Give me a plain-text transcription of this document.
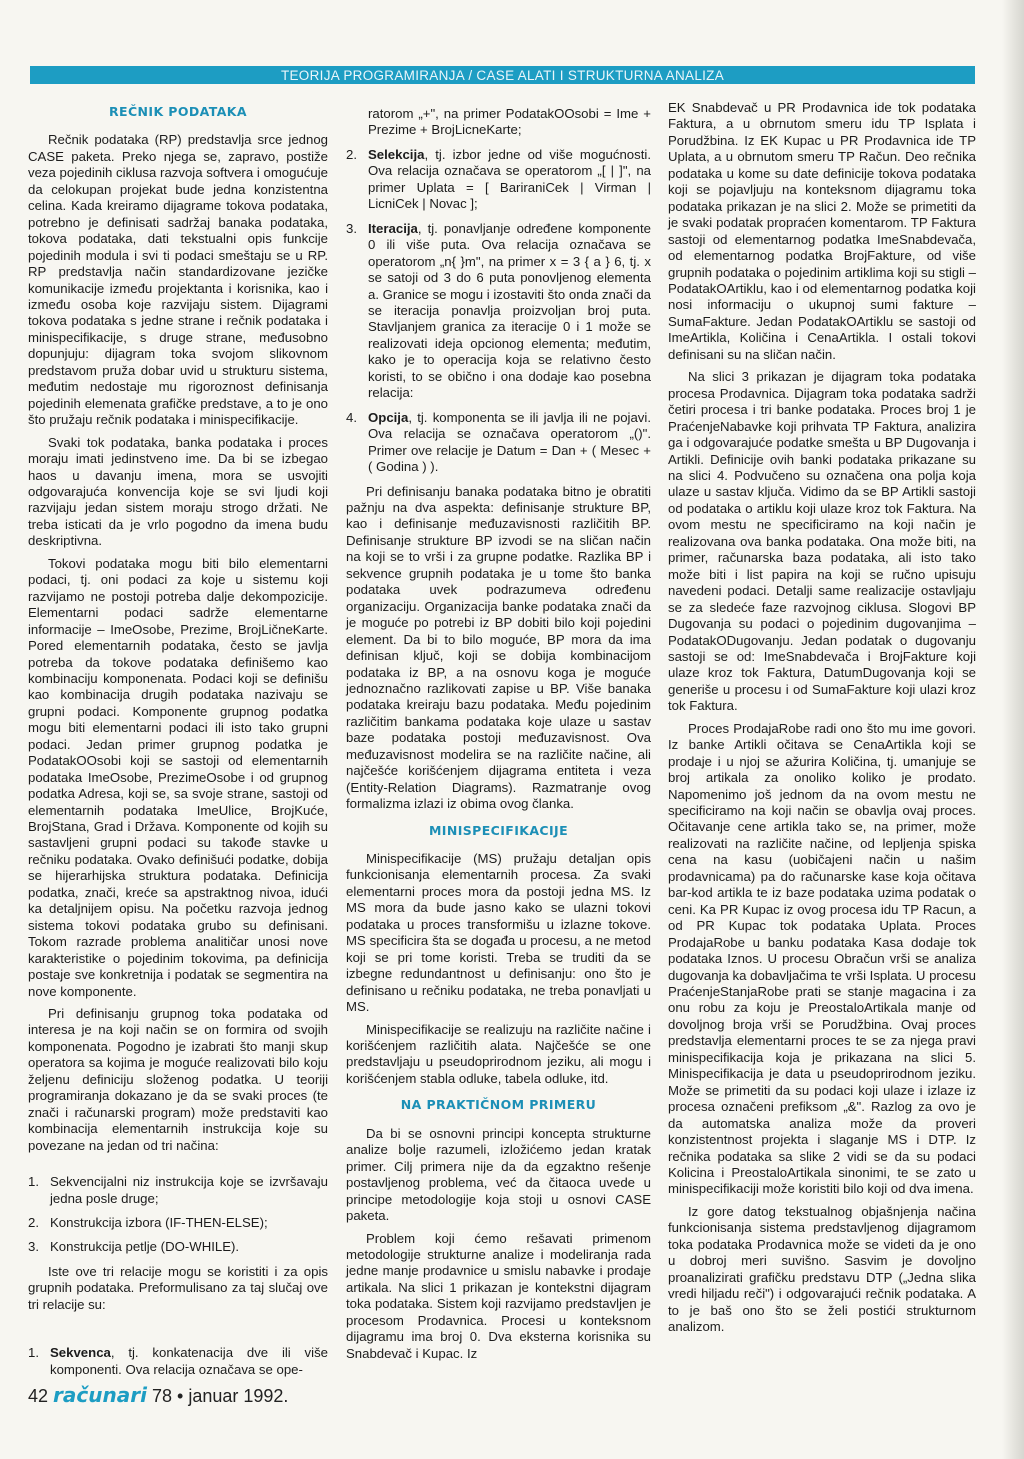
TEORIJA PROGRAMIRANJA / CASE ALATI I STRUKTURNA ANALIZA
REČNIK PODATAKA

Rečnik podataka (RP) predstavlja srce jednog CASE paketa. Preko njega se, zapravo, postiže veza pojedinih ciklusa razvoja softvera i omogućuje da celokupan projekat bude jedna konzistentna celina. Kada kreiramo dijagrame tokova podataka, potrebno je definisati sadržaj banaka podataka, tokova podataka, dati tekstualni opis funkcije pojedinih modula i svi ti podaci smeštaju se u RP. RP predstavlja način standardizovane jezičke komunikacije između projektanta i korisnika, kao i između osoba koje razvijaju sistem. Dijagrami tokova podataka s jedne strane i rečnik podataka i minispecifikacije, s druge strane, međusobno dopunjuju: dijagram toka svojom slikovnom predstavom pruža dobar uvid u strukturu sistema, međutim nedostaje mu rigoroznost definisanja pojedinih elemenata grafičke predstave, a to je ono što pružaju rečnik podataka i minispecifikacije.

Svaki tok podataka, banka podataka i proces moraju imati jedinstveno ime. Da bi se izbegao haos u davanju imena, mora se usvojiti odgovarajuća konvencija koje se svi ljudi koji razvijaju jedan sistem moraju strogo držati. Ne treba isticati da je vrlo pogodno da imena budu deskriptivna.

Tokovi podataka mogu biti bilo elementarni podaci, tj. oni podaci za koje u sistemu koji razvijamo ne postoji potreba dalje dekompozicije. Elementarni podaci sadrže elementarne informacije – ImeOsobe, Prezime, BrojLičneKarte. Pored elementarnih podataka, često se javlja potreba da tokove podataka definišemo kao kombinaciju komponenata. Podaci koji se definišu kao kombinacija drugih podataka nazivaju se grupni podaci. Komponente grupnog podatka mogu biti elementarni podaci ili isto tako grupni podaci. Jedan primer grupnog podatka je PodatakOOsobi koji se sastoji od elementarnih podataka ImeOsobe, PrezimeOsobe i od grupnog podatka Adresa, koji se, sa svoje strane, sastoji od elementarnih podataka ImeUlice, BrojKuće, BrojStana, Grad i Država. Komponente od kojih su sastavljeni grupni podaci su takođe stavke u rečniku podataka. Ovako definišući podatke, dobija se hijerarhijska struktura podataka. Definicija podatka, znači, kreće sa apstraktnog nivoa, idući ka detaljnijem opisu. Na početku razvoja jednog sistema tokovi podataka grubo su definisani. Tokom razrade problema analitičar unosi nove karakteristike o pojedinim tokovima, pa definicija postaje sve konkretnija i podatak se segmentira na nove komponente.

Pri definisanju grupnog toka podataka od interesa je na koji način se on formira od svojih komponenata. Pogodno je izabrati što manji skup operatora sa kojima je moguće realizovati bilo koju željenu definiciju složenog podatka. U teoriji programiranja dokazano je da se svaki proces (te znači i računarski program) može predstaviti kao kombinacija elementarnih instrukcija koje su povezane na jedan od tri načina:

1. Sekvencijalni niz instrukcija koje se izvršavaju jedna posle druge;
2. Konstrukcija izbora (IF-THEN-ELSE);
3. Konstrukcija petlje (DO-WHILE).

Iste ove tri relacije mogu se koristiti i za opis grupnih podataka. Preformulisano za taj slučaj ove tri relacije su:

1. Sekvenca, tj. konkatenacija dve ili više komponenti. Ova relacija označava se ope-
ratorom „+", na primer PodatakOOsobi = Ime + Prezime + BrojLicneKarte;
2. Selekcija, tj. izbor jedne od više mogućnosti. Ova relacija označava se operatorom „[ | ]", na primer Uplata = [ BariraniCek | Virman | LicniCek | Novac ];
3. Iteracija, tj. ponavljanje određene komponente 0 ili više puta. Ova relacija označava se operatorom „n{ }m", na primer x = 3 { a } 6, tj. x se satoji od 3 do 6 puta ponovljenog elementa a. Granice se mogu i izostaviti što onda znači da se iteracija ponavlja proizvoljan broj puta. Stavljanjem granica za iteracije 0 i 1 može se realizovati ideja opcionog elementa; međutim, kako je to operacija koja se relativno često koristi, to se obično i ona dodaje kao posebna relacija:
4. Opcija, tj. komponenta se ili javlja ili ne pojavi. Ova relacija se označava operatorom „()". Primer ove relacije je Datum = Dan + ( Mesec + ( Godina ) ).

Pri definisanju banaka podataka bitno je obratiti pažnju na dva aspekta: definisanje strukture BP, kao i definisanje međuzavisnosti različitih BP. Definisanje strukture BP izvodi se na sličan način na koji se to vrši i za grupne podatke. Razlika BP i sekvence grupnih podataka je u tome što banka podataka uvek podrazumeva određenu organizaciju. Organizacija banke podataka znači da je moguće po potrebi iz BP dobiti bilo koji pojedini element. Da bi to bilo moguće, BP mora da ima definisan ključ, koji se dobija kombinacijom podataka iz BP, a na osnovu koga je moguće jednoznačno razlikovati zapise u BP. Više banaka podataka kreiraju bazu podataka. Među pojedinim različitim bankama podataka koje ulaze u sastav baze podataka postoji međuzavisnost. Ova međuzavisnost modelira se na različite načine, ali najčešće korišćenjem dijagrama entiteta i veza (Entity-Relation Diagrams). Razmatranje ovog formalizma izlazi iz obima ovog članka.

MINISPECIFIKACIJE

Minispecifikacije (MS) pružaju detaljan opis funkcionisanja elementarnih procesa. Za svaki elementarni proces mora da postoji jedna MS. Iz MS mora da bude jasno kako se ulazni tokovi podataka u proces transformišu u izlazne tokove. MS specificira šta se događa u procesu, a ne metod koji se pri tome koristi. Treba se truditi da se izbegne redundantnost u definisanju: ono što je definisano u rečniku podataka, ne treba ponavljati u MS.

Minispecifikacije se realizuju na različite načine i korišćenjem različitih alata. Najčešće se one predstavljaju u pseudoprirodnom jeziku, ali mogu i korišćenjem stabla odluke, tabela odluke, itd.

NA PRAKTIČNOM PRIMERU

Da bi se osnovni principi koncepta strukturne analize bolje razumeli, izložićemo jedan kratak primer. Cilj primera nije da da egzaktno rešenje postavljenog problema, već da čitaoca uvede u principe metodologije koja stoji u osnovi CASE paketa.

Problem koji ćemo rešavati primenom metodologije strukturne analize i modeliranja rada jedne manje prodavnice u smislu nabavke i prodaje artikala. Na slici 1 prikazan je kontekstni dijagram toka podataka. Sistem koji razvijamo predstavljen je procesom Prodavnica. Procesi u konteksnom dijagramu ima broj 0. Dva eksterna korisnika su Snabdevač i Kupac. Iz

EK Snabdevač u PR Prodavnica ide tok podataka Faktura, a u obrnutom smeru idu TP Isplata i Porudžbina. Iz EK Kupac u PR Prodavnica ide TP Uplata, a u obrnutom smeru TP Račun. Deo rečnika podataka u kome su date definicije tokova podataka koji se pojavljuju na konteksnom dijagramu toka podataka prikazan je na slici 2. Može se primetiti da je svaki podatak propraćen komentarom. TP Faktura sastoji od elementarnog podatka ImeSnabdevača, od elementarnog podatka BrojFakture, od više grupnih podataka o pojedinim artiklima koji su stigli – PodatakOArtiklu, kao i od elementarnog podatka koji nosi informaciju o ukupnoj sumi fakture – SumaFakture. Jedan PodatakOArtiklu se sastoji od ImeArtikla, Količina i CenaArtikla. I ostali tokovi definisani su na sličan način.

Na slici 3 prikazan je dijagram toka podataka procesa Prodavnica. Dijagram toka podataka sadrži četiri procesa i tri banke podataka. Proces broj 1 je PraćenjeNabavke koji prihvata TP Faktura, analizira ga i odgovarajuće podatke smešta u BP Dugovanja i Artikli. Definicije ovih banki podataka prikazane su na slici 4. Podvučeno su označena ona polja koja ulaze u sastav ključa. Vidimo da se BP Artikli sastoji od podataka o artiklu koji ulaze kroz tok Faktura. Na ovom mestu ne specificiramo na koji način je realizovana ova banka podataka. Ona može biti, na primer, računarska baza podataka, ali isto tako može biti i list papira na koji se ručno upisuju navedeni podaci. Detalji same realizacije ostavljaju se za sledeće faze razvojnog ciklusa. Slogovi BP Dugovanja su podaci o pojedinim dugovanjima – PodatakODugovanju. Jedan podatak o dugovanju sastoji se od: ImeSnabdevača i BrojFakture koji ulaze kroz tok Faktura, DatumDugovanja koji se generiše u procesu i od SumaFakture koji ulazi kroz tok Faktura.

Proces ProdajaRobe radi ono što mu ime govori. Iz banke Artikli očitava se CenaArtikla koji se prodaje i u njoj se ažurira Količina, tj. umanjuje se broj artikala za onoliko koliko je prodato. Napomenimo još jednom da na ovom mestu ne specificiramo na koji način se obavlja ovaj proces. Očitavanje cene artikla tako se, na primer, može realizovati na različite načine, od lepljenja spiska cena na kasu (uobičajeni način u našim prodavnicama) pa do računarske kase koja očitava bar-kod artikla te iz baze podataka uzima podatak o ceni. Ka PR Kupac iz ovog procesa idu TP Racun, a od PR Kupac tok podataka Uplata. Proces ProdajaRobe u banku podataka Kasa dodaje tok podataka Iznos. U procesu Obračun vrši se analiza dugovanja ka dobavljačima te vrši Isplata. U procesu PraćenjeStanjaRobe prati se stanje magacina i za onu robu za koju je PreostaloArtikala manje od dovoljnog broja vrši se Porudžbina. Ovaj proces predstavlja elementarni proces te se za njega pravi minispecifikacija koja je prikazana na slici 5. Minispecifikacija je data u pseudoprirodnom jeziku. Može se primetiti da su podaci koji ulaze i izlaze iz procesa označeni prefiksom „&". Razlog za ovo je da automatska analiza može da proveri konzistentnost projekta i slaganje MS i DTP. Iz rečnika podataka sa slike 2 vidi se da su podaci Kolicina i PreostaloArtikala sinonimi, te se zato u minispecifikaciji može koristiti bilo koji od dva imena.

Iz gore datog tekstualnog objašnjenja načina funkcionisanja sistema predstavljenog dijagramom toka podataka Prodavnica može se videti da je ono u dobroj meri suvišno. Sasvim je dovoljno proanalizirati grafičku predstavu DTP („Jedna slika vredi hiljadu reči") i odgovarajući rečnik podataka. A to je baš ono što se želi postići strukturnom analizom.

42 računari 78 • januar 1992.
